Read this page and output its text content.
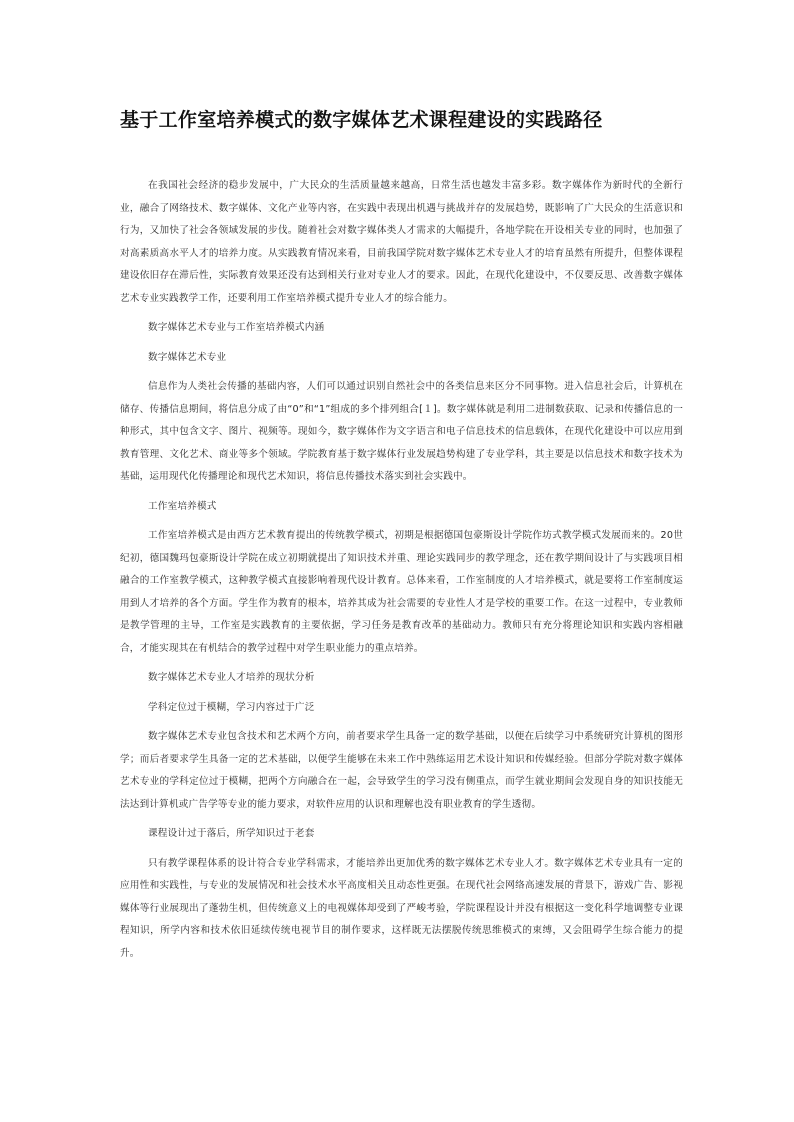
基于工作室培养模式的数字媒体艺术课程建设的实践路径

在我国社会经济的稳步发展中，广大民众的生活质量越来越高，日常生活也越发丰富多彩。数字媒体作为新时代的全新行业，融合了网络技术、数字媒体、文化产业等内容，在实践中表现出机遇与挑战并存的发展趋势，既影响了广大民众的生活意识和行为，又加快了社会各领域发展的步伐。随着社会对数字媒体类人才需求的大幅提升，各地学院在开设相关专业的同时，也加强了对高素质高水平人才的培养力度。从实践教育情况来看，目前我国学院对数字媒体艺术专业人才的培育虽然有所提升，但整体课程建设依旧存在滞后性，实际教育效果还没有达到相关行业对专业人才的要求。因此，在现代化建设中，不仅要反思、改善数字媒体艺术专业实践教学工作，还要利用工作室培养模式提升专业人才的综合能力。

数字媒体艺术专业与工作室培养模式内涵

数字媒体艺术专业

信息作为人类社会传播的基础内容，人们可以通过识别自然社会中的各类信息来区分不同事物。进入信息社会后，计算机在储存、传播信息期间，将信息分成了由“0”和“1”组成的多个排列组合[１]。数字媒体就是利用二进制数获取、记录和传播信息的一种形式，其中包含文字、图片、视频等。现如今，数字媒体作为文字语言和电子信息技术的信息载体，在现代化建设中可以应用到教育管理、文化艺术、商业等多个领域。学院教育基于数字媒体行业发展趋势构建了专业学科，其主要是以信息技术和数字技术为基础，运用现代化传播理论和现代艺术知识，将信息传播技术落实到社会实践中。

工作室培养模式

工作室培养模式是由西方艺术教育提出的传统教学模式，初期是根据德国包豪斯设计学院作坊式教学模式发展而来的。20世纪初，德国魏玛包豪斯设计学院在成立初期就提出了知识技术并重、理论实践同步的教学理念，还在教学期间设计了与实践项目相融合的工作室教学模式，这种教学模式直接影响着现代设计教育。总体来看，工作室制度的人才培养模式，就是要将工作室制度运用到人才培养的各个方面。学生作为教育的根本，培养其成为社会需要的专业性人才是学校的重要工作。在这一过程中，专业教师是教学管理的主导，工作室是实践教育的主要依据，学习任务是教育改革的基础动力。教师只有充分将理论知识和实践内容相融合，才能实现其在有机结合的教学过程中对学生职业能力的重点培养。

数字媒体艺术专业人才培养的现状分析

学科定位过于模糊，学习内容过于广泛

数字媒体艺术专业包含技术和艺术两个方向，前者要求学生具备一定的数学基础，以便在后续学习中系统研究计算机的图形学；而后者要求学生具备一定的艺术基础，以便学生能够在未来工作中熟练运用艺术设计知识和传媒经验。但部分学院对数字媒体艺术专业的学科定位过于模糊，把两个方向融合在一起，会导致学生的学习没有侧重点，而学生就业期间会发现自身的知识技能无法达到计算机或广告学等专业的能力要求，对软件应用的认识和理解也没有职业教育的学生透彻。

课程设计过于落后，所学知识过于老套

只有教学课程体系的设计符合专业学科需求，才能培养出更加优秀的数字媒体艺术专业人才。数字媒体艺术专业具有一定的应用性和实践性，与专业的发展情况和社会技术水平高度相关且动态性更强。在现代社会网络高速发展的背景下，游戏广告、影视媒体等行业展现出了蓬勃生机，但传统意义上的电视媒体却受到了严峻考验，学院课程设计并没有根据这一变化科学地调整专业课程知识，所学内容和技术依旧延续传统电视节目的制作要求，这样既无法摆脱传统思维模式的束缚，又会阻碍学生综合能力的提升。
